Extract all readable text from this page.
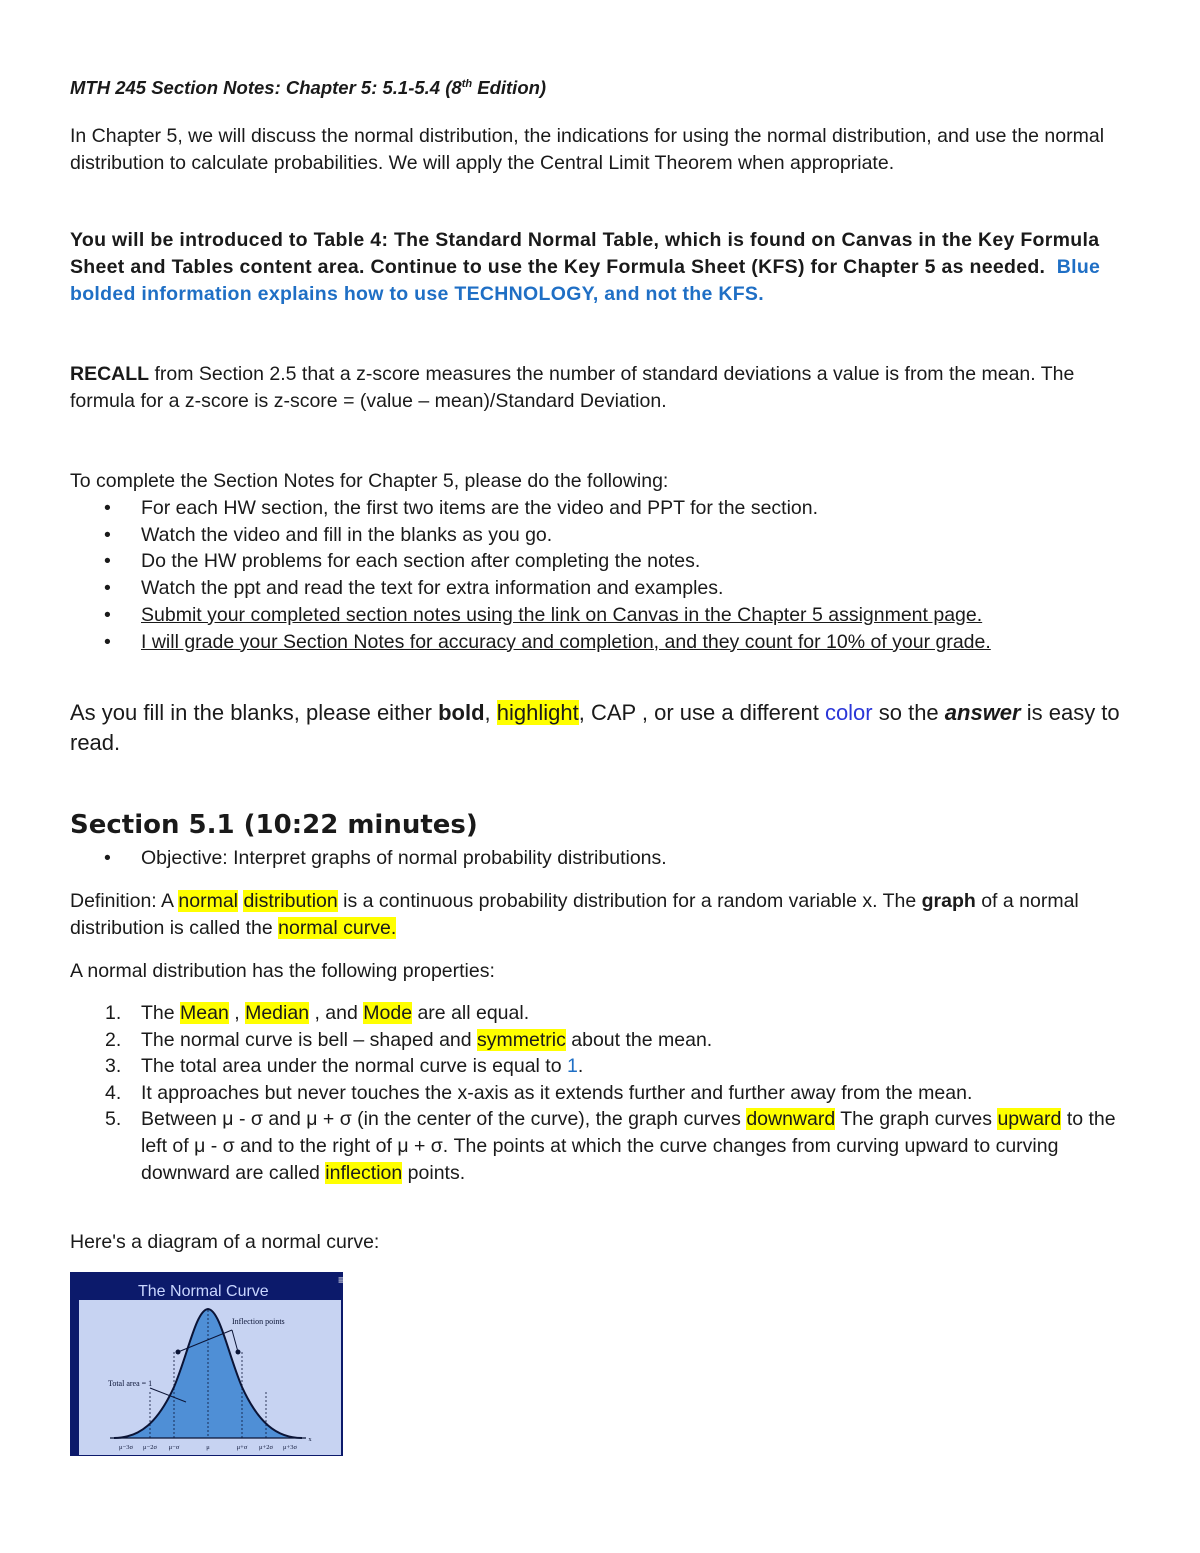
MTH 245 Section Notes: Chapter 5: 5.1-5.4 (8th Edition)
In Chapter 5, we will discuss the normal distribution, the indications for using the normal distribution, and use the normal distribution to calculate probabilities. We will apply the Central Limit Theorem when appropriate.
You will be introduced to Table 4: The Standard Normal Table, which is found on Canvas in the Key Formula Sheet and Tables content area. Continue to use the Key Formula Sheet (KFS) for Chapter 5 as needed. Blue bolded information explains how to use TECHNOLOGY, and not the KFS.
RECALL from Section 2.5 that a z-score measures the number of standard deviations a value is from the mean. The formula for a z-score is z-score = (value – mean)/Standard Deviation.
To complete the Section Notes for Chapter 5, please do the following:
• For each HW section, the first two items are the video and PPT for the section.
• Watch the video and fill in the blanks as you go.
• Do the HW problems for each section after completing the notes.
• Watch the ppt and read the text for extra information and examples.
• Submit your completed section notes using the link on Canvas in the Chapter 5 assignment page.
• I will grade your Section Notes for accuracy and completion, and they count for 10% of your grade.
As you fill in the blanks, please either bold, highlight, CAP , or use a different color so the answer is easy to read.
Section 5.1 (10:22 minutes)
• Objective: Interpret graphs of normal probability distributions.
Definition: A normal distribution is a continuous probability distribution for a random variable x. The graph of a normal distribution is called the normal curve.
A normal distribution has the following properties:
1. The Mean , Median , and Mode are all equal.
2. The normal curve is bell – shaped and symmetric about the mean.
3. The total area under the normal curve is equal to 1.
4. It approaches but never touches the x-axis as it extends further and further away from the mean.
5. Between μ - σ and μ + σ (in the center of the curve), the graph curves downward The graph curves upward to the left of μ - σ and to the right of μ + σ. The points at which the curve changes from curving upward to curving downward are called inflection points.
Here's a diagram of a normal curve:
The Normal Curve
≡
Inflection points
Total area = 1
μ−3σ μ−2σ μ−σ	μ	μ+σ μ+2σ μ+3σ
x
